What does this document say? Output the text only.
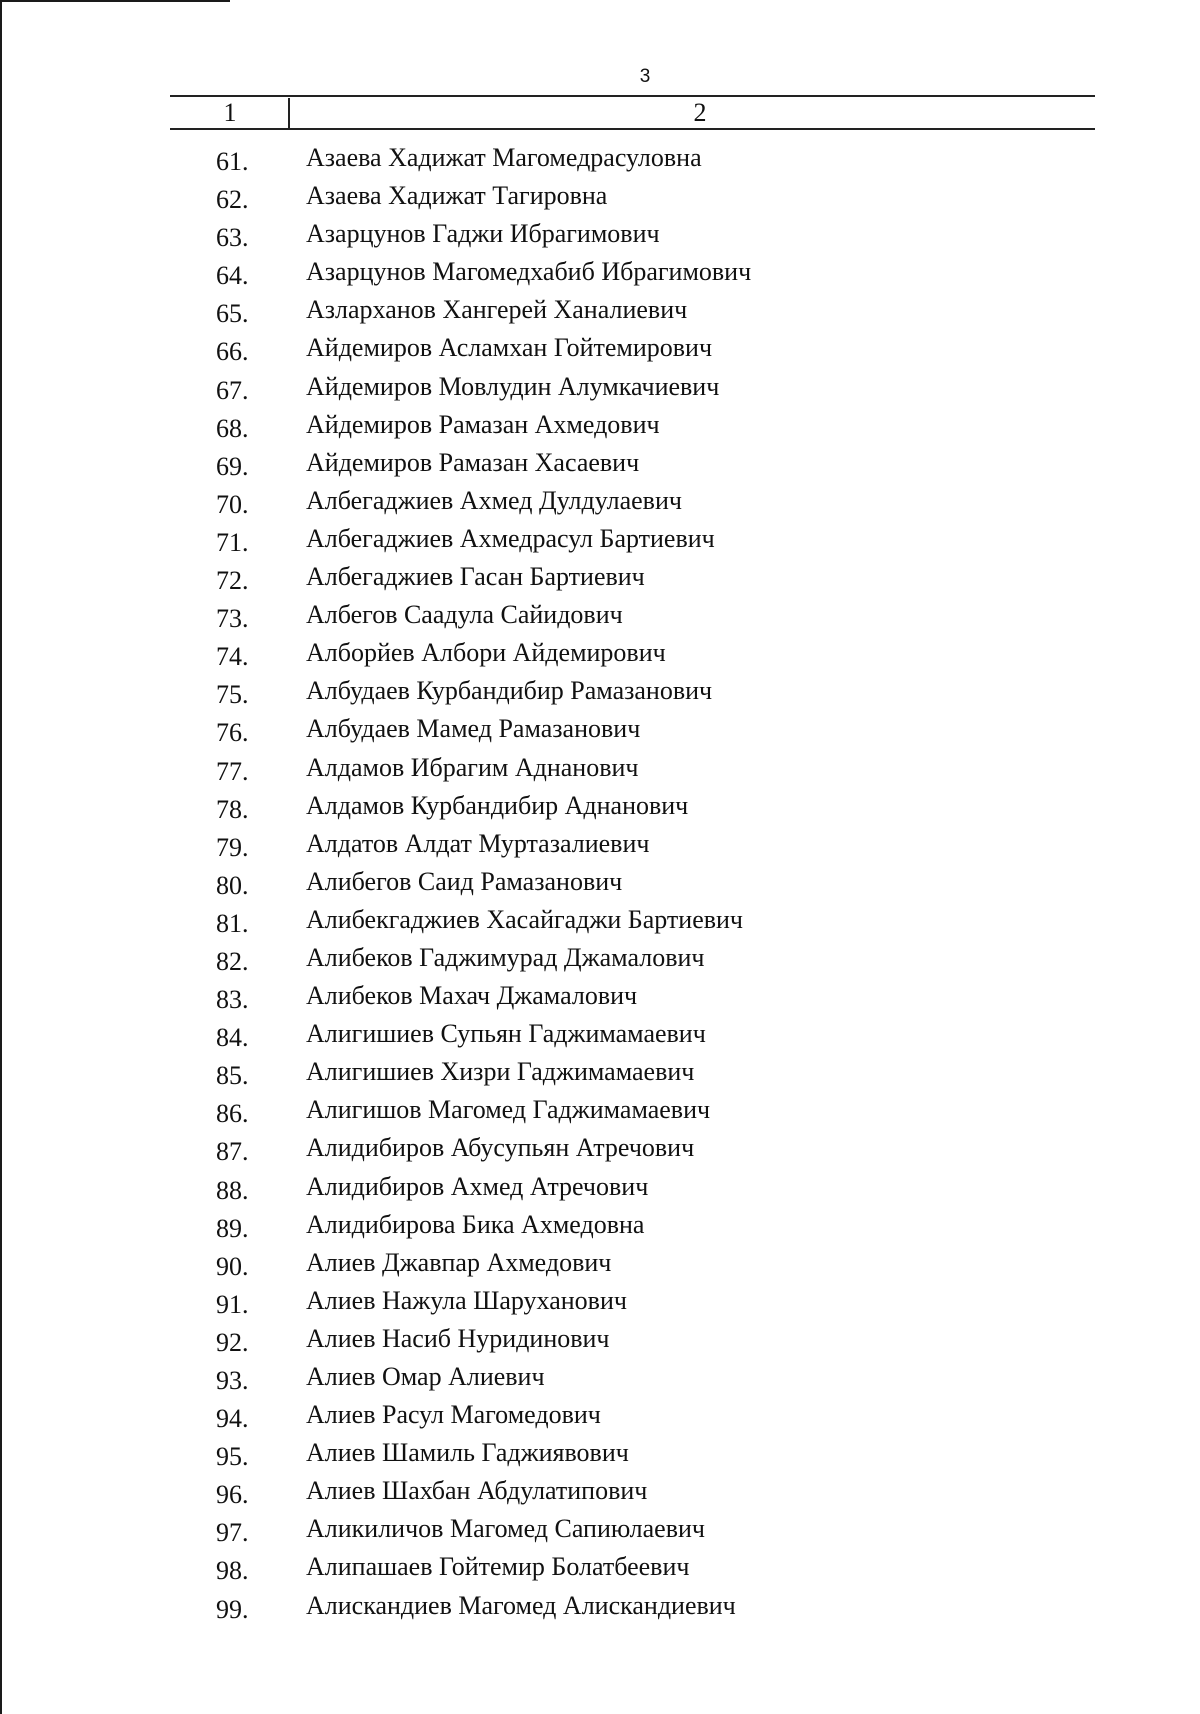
3
1	2
61. Азаева Хадижат Магомедрасуловна
62. Азаева Хадижат Тагировна
63. Азарцунов Гаджи Ибрагимович
64. Азарцунов Магомедхабиб Ибрагимович
65. Азларханов Хангерей Ханалиевич
66. Айдемиров Асламхан Гойтемирович
67. Айдемиров Мовлудин Алумкачиевич
68. Айдемиров Рамазан Ахмедович
69. Айдемиров Рамазан Хасаевич
70. Албегаджиев Ахмед Дулдулаевич
71. Албегаджиев Ахмедрасул Бартиевич
72. Албегаджиев Гасан Бартиевич
73. Албегов Саадула Сайидович
74. Алборйев Албори Айдемирович
75. Албудаев Курбандибир Рамазанович
76. Албудаев Мамед Рамазанович
77. Алдамов Ибрагим Аднанович
78. Алдамов Курбандибир Аднанович
79. Алдатов Алдат Муртазалиевич
80. Алибегов Саид Рамазанович
81. Алибекгаджиев Хасайгаджи Бартиевич
82. Алибеков Гаджимурад Джамалович
83. Алибеков Махач Джамалович
84. Алигишиев Супьян Гаджимамаевич
85. Алигишиев Хизри Гаджимамаевич
86. Алигишов Магомед Гаджимамаевич
87. Алидибиров Абусупьян Атречович
88. Алидибиров Ахмед Атречович
89. Алидибирова Бика Ахмедовна
90. Алиев Джавпар Ахмедович
91. Алиев Нажула Шаруханович
92. Алиев Насиб Нуридинович
93. Алиев Омар Алиевич
94. Алиев Расул Магомедович
95. Алиев Шамиль Гаджиявович
96. Алиев Шахбан Абдулатипович
97. Аликиличов Магомед Сапиюлаевич
98. Алипашаев Гойтемир Болатбеевич
99. Алискандиев Магомед Алискандиевич
